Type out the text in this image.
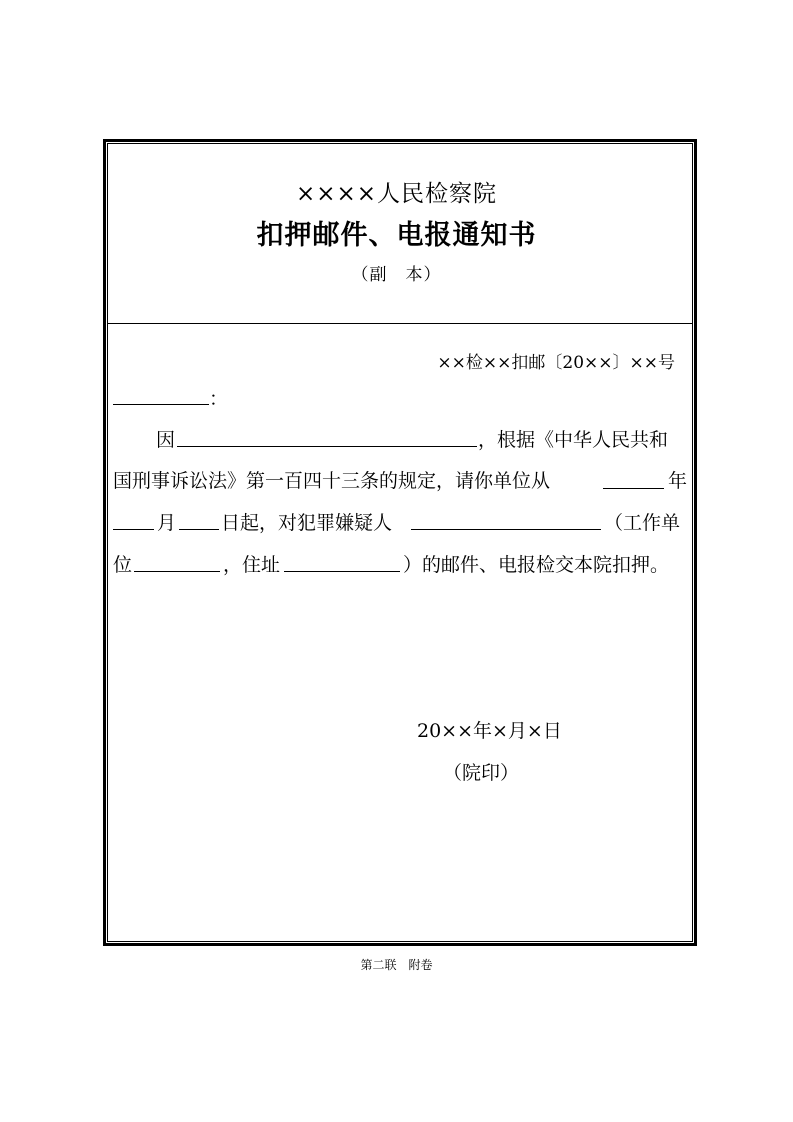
××××人民检察院
扣押邮件、电报通知书
（副　本）
××检××扣邮〔20××〕××号
：
因	，根据《中华人民共和
国刑事诉讼法》第一百四十三条的规定，请你单位从	年
月 日起，对犯罪嫌疑人	（工作单
位	，住址	）的邮件、电报检交本院扣押。
20××年×月×日
（院印）
第二联　附卷
